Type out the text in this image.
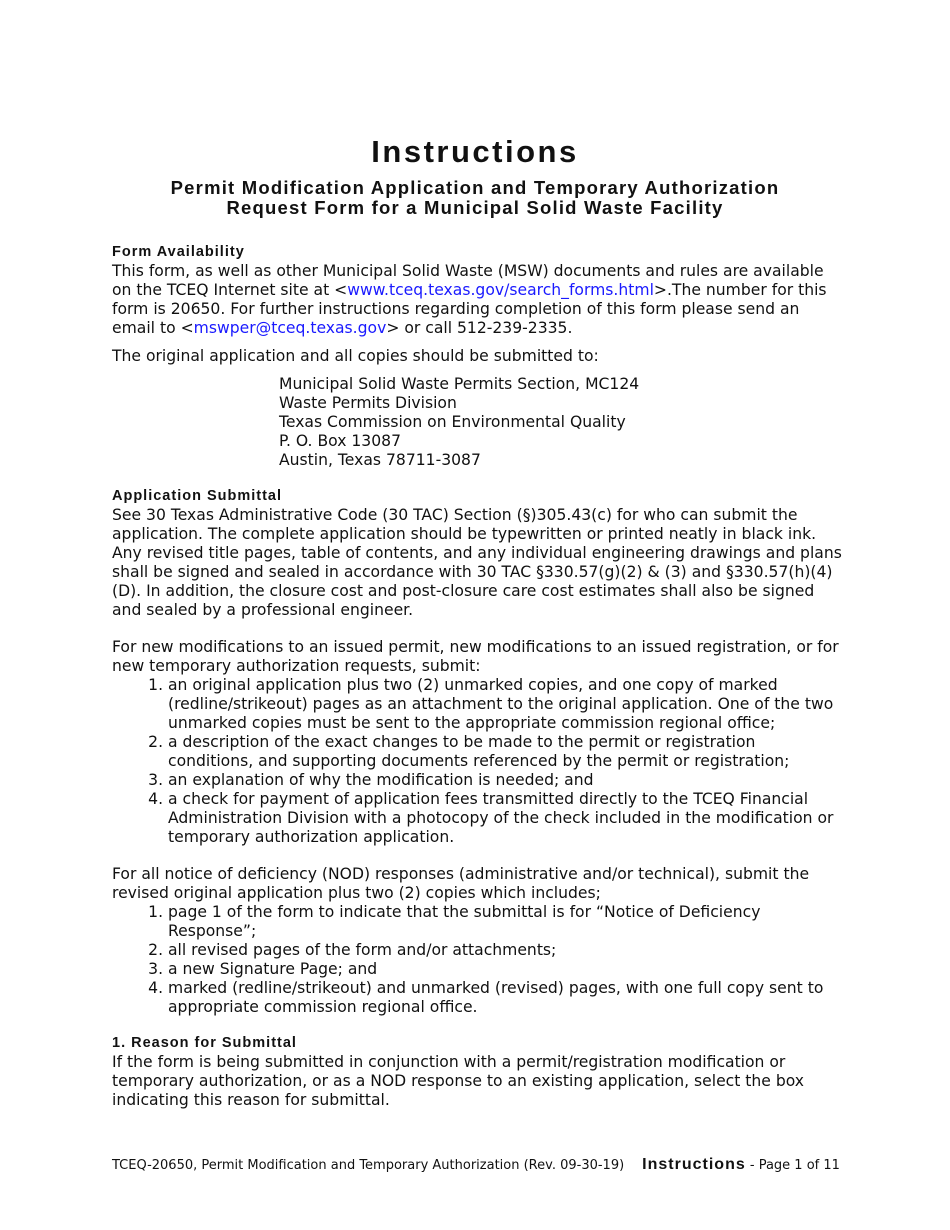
Instructions
Permit Modification Application and Temporary Authorization
Request Form for a Municipal Solid Waste Facility
Form Availability

This form, as well as other Municipal Solid Waste (MSW) documents and rules are available on the TCEQ Internet site at <www.tceq.texas.gov/search_forms.html>.The number for this form is 20650. For further instructions regarding completion of this form please send an email to <mswper@tceq.texas.gov> or call 512-239-2335.

The original application and all copies should be submitted to:

Municipal Solid Waste Permits Section, MC124
Waste Permits Division
Texas Commission on Environmental Quality
P. O. Box 13087
Austin, Texas 78711-3087
Application Submittal

See 30 Texas Administrative Code (30 TAC) Section (§)305.43(c) for who can submit the application. The complete application should be typewritten or printed neatly in black ink. Any revised title pages, table of contents, and any individual engineering drawings and plans shall be signed and sealed in accordance with 30 TAC §330.57(g)(2) & (3) and §330.57(h)(4)(D). In addition, the closure cost and post-closure care cost estimates shall also be signed and sealed by a professional engineer.

For new modifications to an issued permit, new modifications to an issued registration, or for new temporary authorization requests, submit:

1. an original application plus two (2) unmarked copies, and one copy of marked (redline/strikeout) pages as an attachment to the original application. One of the two unmarked copies must be sent to the appropriate commission regional office;
2. a description of the exact changes to be made to the permit or registration conditions, and supporting documents referenced by the permit or registration;
3. an explanation of why the modification is needed; and
4. a check for payment of application fees transmitted directly to the TCEQ Financial Administration Division with a photocopy of the check included in the modification or temporary authorization application.

For all notice of deficiency (NOD) responses (administrative and/or technical), submit the revised original application plus two (2) copies which includes;

1. page 1 of the form to indicate that the submittal is for “Notice of Deficiency Response”;
2. all revised pages of the form and/or attachments;
3. a new Signature Page; and
4. marked (redline/strikeout) and unmarked (revised) pages, with one full copy sent to appropriate commission regional office.
1. Reason for Submittal

If the form is being submitted in conjunction with a permit/registration modification or temporary authorization, or as a NOD response to an existing application, select the box indicating this reason for submittal.

TCEQ-20650, Permit Modification and Temporary Authorization (Rev. 09-30-19) Instructions - Page 1 of 11
